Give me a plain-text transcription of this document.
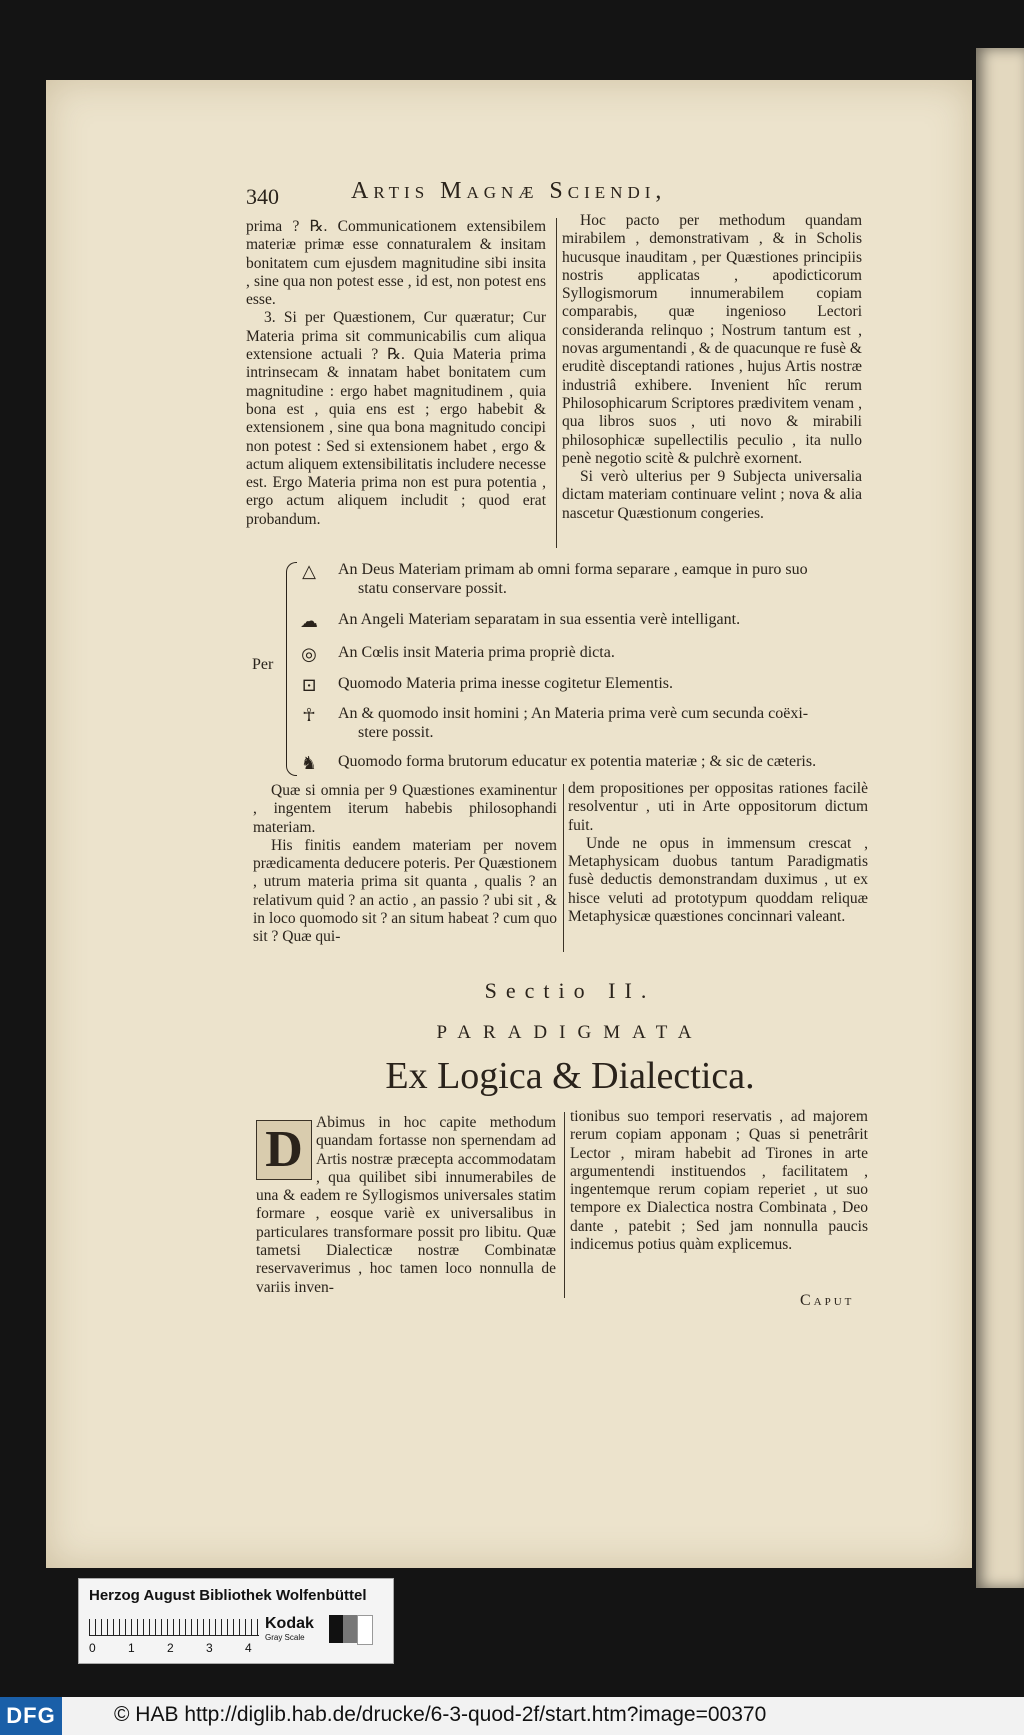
340	Artis Magnæ Sciendi,

prima ? ℞. Communicationem extensibilem materiæ primæ esse connaturalem & insitam bonitatem cum ejusdem magnitudine sibi insita , sine qua non potest esse , id est, non potest ens esse.

3. Si per Quæstionem, Cur quæratur; Cur Materia prima sit communicabilis cum aliqua extensione actuali ? ℞. Quia Materia prima intrinsecam & innatam habet bonitatem cum magnitudine : ergo habet magnitudinem , quia bona est , quia ens est ; ergo habebit & extensionem , sine qua bona magnitudo concipi non potest : Sed si extensionem habet , ergo & actum aliquem extensibilitatis includere necesse est. Ergo Materia prima non est pura potentia , ergo actum aliquem includit ; quod erat probandum.

Hoc pacto per methodum quandam mirabilem , demonstrativam , & in Scholis hucusque inauditam , per Quæstiones principiis nostris applicatas , apodicticorum Syllogismorum innumerabilem copiam comparabis, quæ ingenioso Lectori consideranda relinquo ; Nostrum tantum est , novas argumentandi , & de quacunque re fusè & eruditè disceptandi rationes , hujus Artis nostræ industriâ exhibere. Invenient hîc rerum Philosophicarum Scriptores prædivitem venam , qua libros suos , uti novo & mirabili philosophicæ supellectilis peculio , ita nullo penè negotio scitè & pulchrè exornent.

Si verò ulterius per 9 Subjecta universalia dictam materiam continuare velint ; nova & alia nascetur Quæstionum congeries.

Per
△ An Deus Materiam primam ab omni forma separare , eamque in puro suo
statu conservare possit.
☁ An Angeli Materiam separatam in sua essentia verè intelligant.
◎ An Cœlis insit Materia prima propriè dicta.
⊡ Quomodo Materia prima inesse cogitetur Elementis.
☥ An & quomodo insit homini ; An Materia prima verè cum secunda coëxi-
stere possit.
♞ Quomodo forma brutorum educatur ex potentia materiæ ; & sic de cæteris.

Quæ si omnia per 9 Quæstiones examinentur , ingentem iterum habebis philosophandi materiam.

His finitis eandem materiam per novem prædicamenta deducere poteris. Per Quæstionem , utrum materia prima sit quanta , qualis ? an relativum quid ? an actio , an passio ? ubi sit , & in loco quomodo sit ? an situm habeat ? cum quo sit ? Quæ qui-

dem propositiones per oppositas rationes facilè resolventur , uti in Arte oppositorum dictum fuit.

Unde ne opus in immensum crescat , Metaphysicam duobus tantum Paradigmatis fusè deductis demonstrandam duximus , ut ex hisce veluti ad prototypum quoddam reliquæ Metaphysicæ quæstiones concinnari valeant.

Sectio II.
PARADIGMATA
Ex Logica & Dialectica.
D Abimus in hoc capite methodum quandam fortasse non spernendam ad Artis nostræ præcepta accommodatam , qua quilibet sibi innumerabiles de una & eadem re Syllogismos universales statim formare , eosque variè ex universalibus in particulares transformare possit pro libitu. Quæ tametsi Dialecticæ nostræ Combinatæ reservaverimus , hoc tamen loco nonnulla de variis inven-

tionibus suo tempori reservatis , ad majorem rerum copiam apponam ; Quas si penetrârit Lector , miram habebit ad Tirones in arte argumentendi instituendos , facilitatem , ingentemque rerum copiam reperiet , ut suo tempore ex Dialectica nostra Combinata , Deo dante , patebit ; Sed jam nonnulla paucis indicemus potius quàm explicemus.

Caput
Herzog August Bibliothek Wolfenbüttel
0	1	2	3	4
Kodak
Gray Scale
DFG	© HAB http://diglib.hab.de/drucke/6-3-quod-2f/start.htm?image=00370
